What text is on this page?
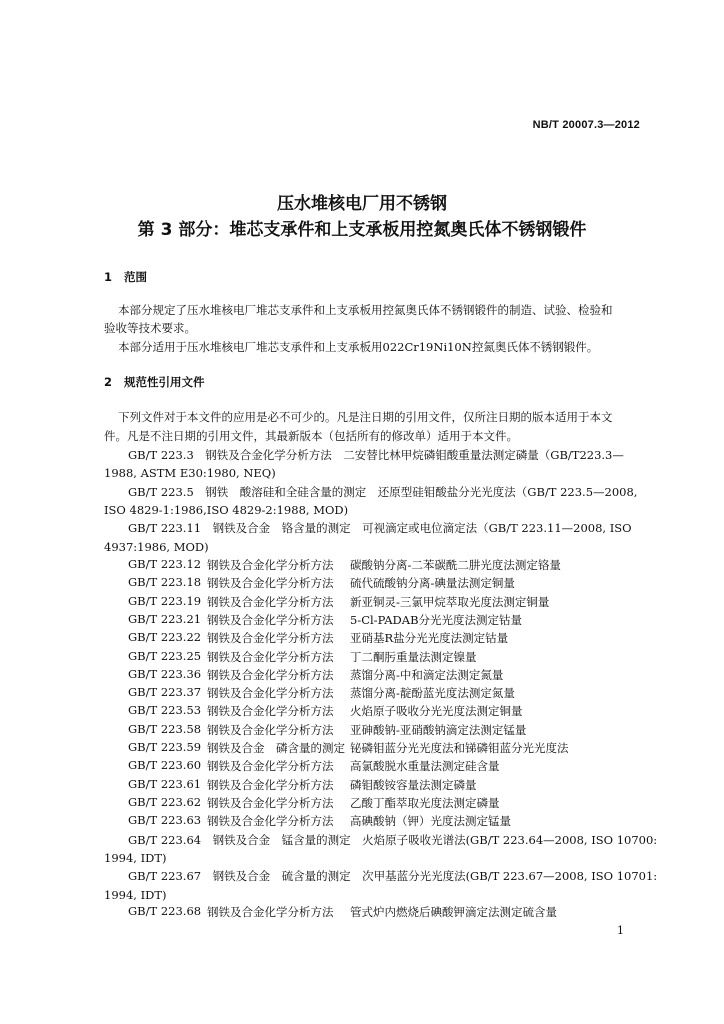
NB/T 20007.3—2012
压水堆核电厂用不锈钢
第 3 部分：堆芯支承件和上支承板用控氮奥氏体不锈钢锻件
1 范围
本部分规定了压水堆核电厂堆芯支承件和上支承板用控氮奥氏体不锈钢锻件的制造、试验、检验和
验收等技术要求。
本部分适用于压水堆核电厂堆芯支承件和上支承板用022Cr19Ni10N控氮奥氏体不锈钢锻件。
2 规范性引用文件
下列文件对于本文件的应用是必不可少的。凡是注日期的引用文件，仅所注日期的版本适用于本文
件。凡是不注日期的引用文件，其最新版本（包括所有的修改单）适用于本文件。
GB/T 223.3　钢铁及合金化学分析方法　二安替比林甲烷磷钼酸重量法测定磷量（GB/T223.3—
1988, ASTM E30:1980, NEQ)
GB/T 223.5　钢铁　酸溶硅和全硅含量的测定　还原型硅钼酸盐分光光度法（GB/T 223.5—2008,
ISO 4829-1:1986,ISO 4829-2:1988, MOD)
GB/T 223.11　钢铁及合金　铬含量的测定　可视滴定或电位滴定法（GB/T 223.11—2008, ISO
4937:1986, MOD)
GB/T 223.12 钢铁及合金化学分析方法 碳酸钠分离-二苯碳酰二肼光度法测定铬量
GB/T 223.18 钢铁及合金化学分析方法 硫代硫酸钠分离-碘量法测定铜量
GB/T 223.19 钢铁及合金化学分析方法 新亚铜灵-三氯甲烷萃取光度法测定铜量
GB/T 223.21 钢铁及合金化学分析方法 5-Cl-PADAB分光光度法测定钴量
GB/T 223.22 钢铁及合金化学分析方法 亚硝基R盐分光光度法测定钴量
GB/T 223.25 钢铁及合金化学分析方法 丁二酮肟重量法测定镍量
GB/T 223.36 钢铁及合金化学分析方法 蒸馏分离-中和滴定法测定氮量
GB/T 223.37 钢铁及合金化学分析方法 蒸馏分离-靛酚蓝光度法测定氮量
GB/T 223.53 钢铁及合金化学分析方法 火焰原子吸收分光光度法测定铜量
GB/T 223.58 钢铁及合金化学分析方法 亚砷酸钠-亚硝酸钠滴定法测定锰量
GB/T 223.59 钢铁及合金　磷含量的测定 铋磷钼蓝分光光度法和锑磷钼蓝分光光度法
GB/T 223.60 钢铁及合金化学分析方法 高氯酸脱水重量法测定硅含量
GB/T 223.61 钢铁及合金化学分析方法 磷钼酸铵容量法测定磷量
GB/T 223.62 钢铁及合金化学分析方法 乙酸丁酯萃取光度法测定磷量
GB/T 223.63 钢铁及合金化学分析方法 高碘酸钠（钾）光度法测定锰量
GB/T 223.64　钢铁及合金　锰含量的测定　火焰原子吸收光谱法(GB/T 223.64—2008, ISO 10700:
1994, IDT)
GB/T 223.67　钢铁及合金　硫含量的测定　次甲基蓝分光光度法(GB/T 223.67—2008, ISO 10701:
1994, IDT)
GB/T 223.68 钢铁及合金化学分析方法 管式炉内燃烧后碘酸钾滴定法测定硫含量
1
